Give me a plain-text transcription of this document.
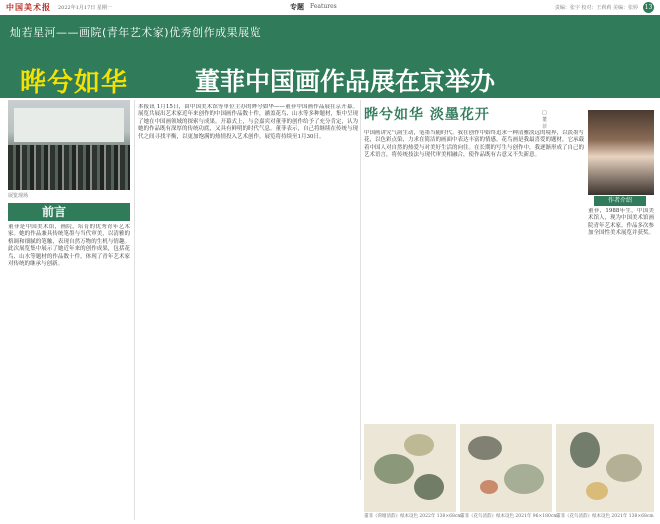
中国美术报 2022年1月17日 星期一	专题 Features	责编：张宇 校对：王莉莉 美编：张婷 13
灿若星河——画院(青年艺术家)优秀创作成果展览
晔兮如华	董菲中国画作品展在京举办
展览现场
前言
董菲是中国美术馆，画院，培育的优秀青年艺术家。她的作品兼具传统笔墨与当代审美，以清雅的格调和细腻的笔触，表现自然万物的生机与情趣。此次展览集中展示了她近年来的创作成果，包括花鸟、山水等题材的作品数十件，体现了青年艺术家对传统的继承与创新。
本报讯 1月15日，由中国美术馆等单位主办的晔兮如华——董菲中国画作品展在京开幕。展览共展出艺术家近年来创作的中国画作品数十件，涵盖花鸟、山水等多种题材，集中呈现了她在中国画领域的探索与成果。开幕式上，与会嘉宾对董菲的创作给予了充分肯定，认为她的作品既有深厚的传统功底，又具有鲜明的时代气息。董菲表示，自己将继续在传统与现代之间寻找平衡，以更加饱满的热情投入艺术创作。展览将持续至1月30日。
晔兮如华 淡墨花开	□ 董菲
中国画讲究气韵生动，笔墨当随时代。我在创作中始终追求一种清雅淡远的境界，以淡墨写花，以色彩点染，力求在简洁的画面中表达丰富的情感。花鸟画是我最喜爱的题材，它承载着中国人对自然的热爱与对美好生活的向往。在长期的写生与创作中，我逐渐形成了自己的艺术语言，将传统技法与现代审美相融合，使作品既有古意又不失新意。
作者介绍
董菲，1988年生，中国美术馆人，现为中国美术馆画院青年艺术家。作品多次参加全国性美术展览并获奖。
董菲《荷塘清韵》纸本设色 2022年 138×68cm
董菲《花鸟清韵》纸本设色 2021年 96×180cm
董菲《花鸟清韵》纸本设色 2021年 138×68cm
